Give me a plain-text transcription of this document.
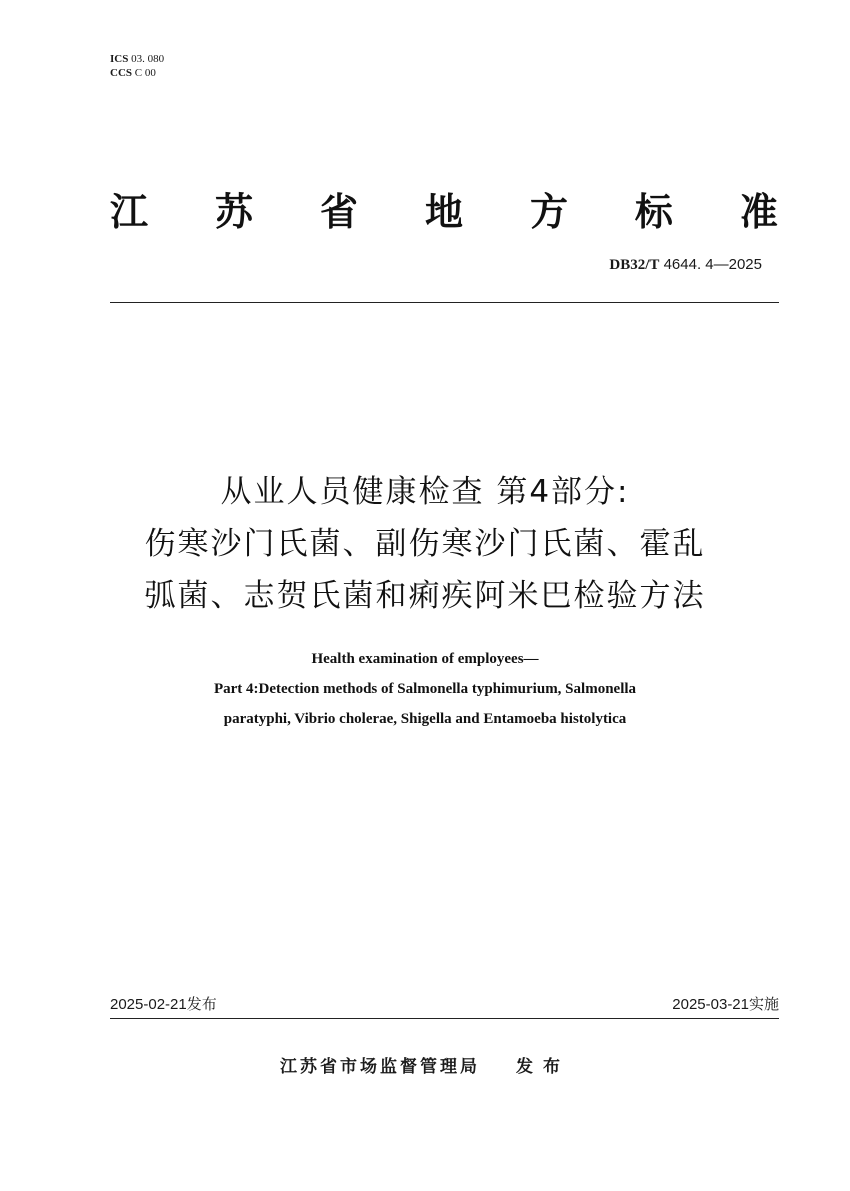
ICS 03. 080
CCS C 00
江 苏 省 地 方 标 准
DB32/T 4644. 4—2025
从业人员健康检查 第4部分:
伤寒沙门氏菌、副伤寒沙门氏菌、霍乱
弧菌、志贺氏菌和痢疾阿米巴检验方法
Health examination of employees—
Part 4:Detection methods of Salmonella typhimurium, Salmonella
paratyphi, Vibrio cholerae, Shigella and Entamoeba histolytica
2025-02-21发布	2025-03-21实施
江苏省市场监督管理局 发布
